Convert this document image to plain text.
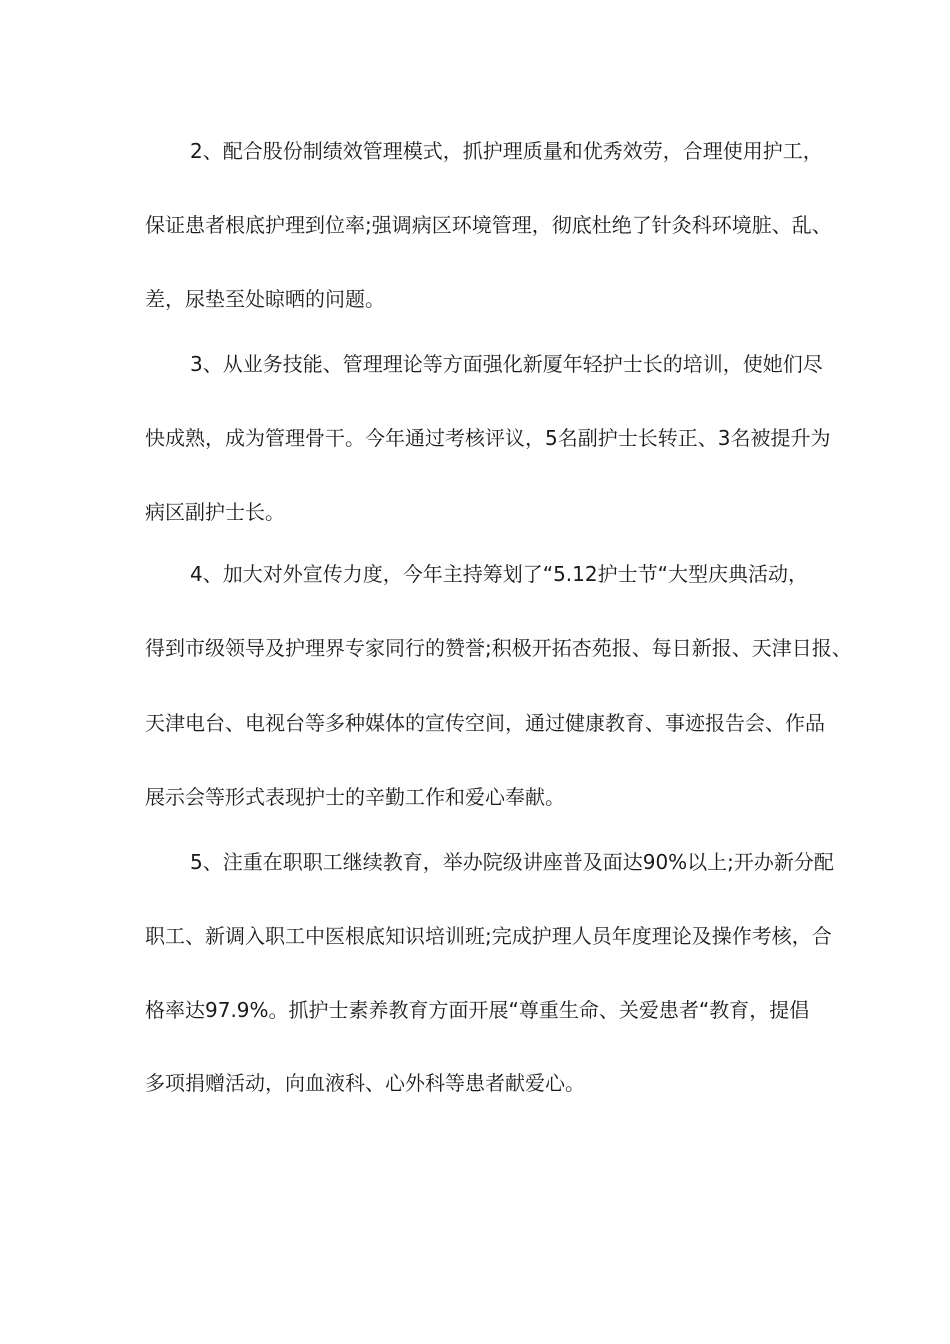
2、配合股份制绩效管理模式，抓护理质量和优秀效劳，合理使用护工，
保证患者根底护理到位率;强调病区环境管理，彻底杜绝了针灸科环境脏、乱、
差，尿垫至处晾晒的问题。
3、从业务技能、管理理论等方面强化新厦年轻护士长的培训，使她们尽
快成熟，成为管理骨干。今年通过考核评议，5名副护士长转正、3名被提升为
病区副护士长。
4、加大对外宣传力度，今年主持筹划了“5.12护士节“大型庆典活动，
得到市级领导及护理界专家同行的赞誉;积极开拓杏苑报、每日新报、天津日报、
天津电台、电视台等多种媒体的宣传空间，通过健康教育、事迹报告会、作品
展示会等形式表现护士的辛勤工作和爱心奉献。
5、注重在职职工继续教育，举办院级讲座普及面达90%以上;开办新分配
职工、新调入职工中医根底知识培训班;完成护理人员年度理论及操作考核，合
格率达97.9%。抓护士素养教育方面开展“尊重生命、关爱患者“教育，提倡
多项捐赠活动，向血液科、心外科等患者献爱心。
